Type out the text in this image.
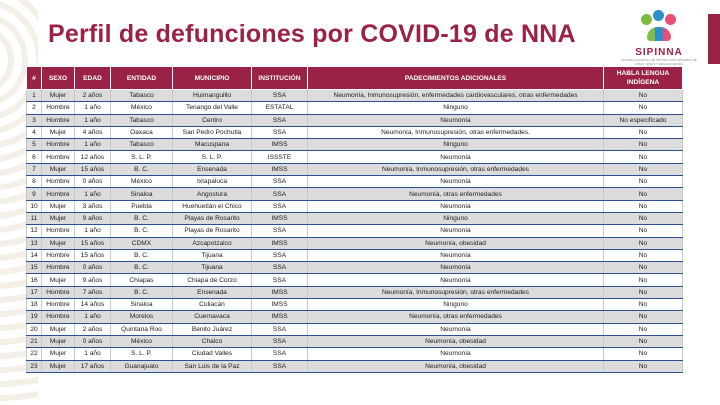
Perfil de defunciones por COVID-19 de NNA
SIPINNA
SISTEMA NACIONAL DE PROTECCIÓN INTEGRAL DE NIÑAS, NIÑOS Y ADOLESCENTES
#	SEXO	EDAD	ENTIDAD	MUNICIPIO	INSTITUCIÓN	PADECIMIENTOS ADICIONALES	HABLA LENGUA INDÍGENA
1	Mujer	2 años	Tabasco	Huimanguillo	SSA	Neumonía, Inmunosupresión, enfermedades cardiovasculares, otras enfermedades	No
2	Hombre	1 año	México	Tenango del Valle	ESTATAL	Ninguno	No
3	Hombre	1 año	Tabasco	Centro	SSA	Neumonía	No especificado
4	Mujer	4 años	Oaxaca	San Pedro Pochutla	SSA	Neumonía, Inmunosupresión, otras enfermedades.	No
5	Hombre	1 año	Tabasco	Macuspana	IMSS	Ninguno	No
6	Hombre	12 años	S. L. P.	S. L. P.	ISSSTE	Neumonía	No
7	Mujer	15 años	B. C.	Ensenada	IMSS	Neumonía, Inmunosupresión, otras enfermedades	No
8	Hombre	0 años	México	Ixtapaluca	SSA	Neumonía	No
9	Hombre	1 año	Sinaloa	Angostura	SSA	Neumonía, otras enfermedades	No
10	Mujer	3 años	Puebla	Huehuetlán el Chico	SSA	Neumonía	No
11	Mujer	9 años	B. C.	Playas de Rosarito	IMSS	Ninguno	No
12	Hombre	1 año	B. C.	Playas de Rosarito	SSA	Neumonía	No
13	Mujer	15 años	CDMX	Azcapotzalco	IMSS	Neumonía, obesidad	No
14	Hombre	15 años	B. C.	Tijuana	SSA	Neumonía	No
15	Hombre	0 años	B. C.	Tijuana	SSA	Neumonía	No
16	Mujer	9 años	Chiapas	Chiapa de Corzo	SSA	Neumonía	No
17	Hombre	7 años	B. C.	Ensenada	IMSS	Neumonía, Inmunosupresión, otras enfermedades	No
18	Hombre	14 años	Sinaloa	Culiacán	IMSS	Ninguno	No
19	Hombre	1 año	Morelos	Cuernavaca	IMSS	Neumonía, otras enfermedades	No
20	Mujer	2 años	Quintana Roo	Benito Juárez	SSA	Neumonía	No
21	Mujer	0 años	México	Chalco	SSA	Neumonía, obesidad	No
22	Mujer	1 año	S. L. P.	Ciudad Valles	SSA	Neumonía	No
23	Mujer	17 años	Guanajuato	San Luis de la Paz	SSA	Neumonía, obesidad	No
